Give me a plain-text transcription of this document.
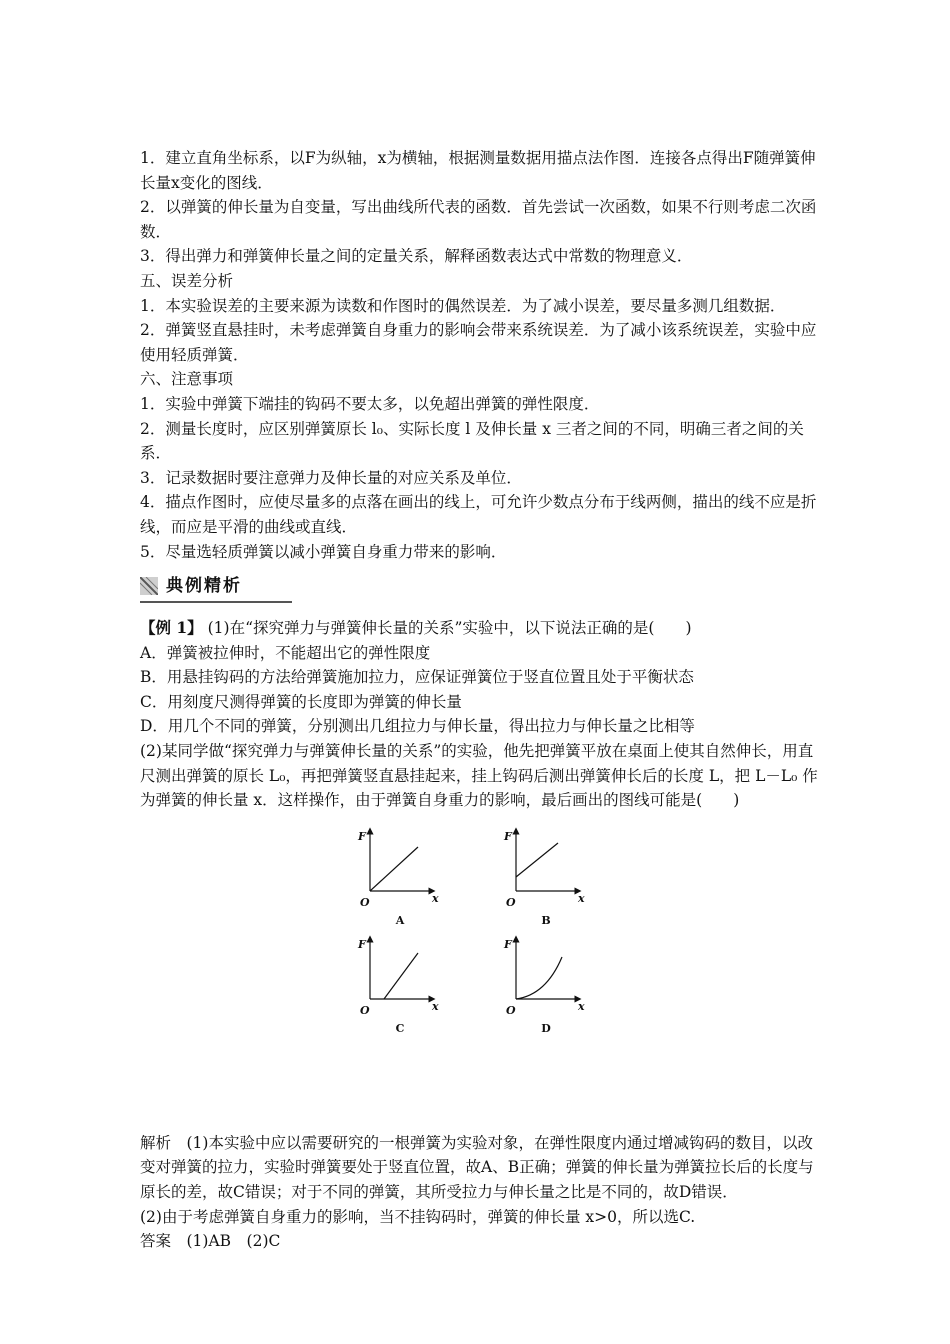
1．建立直角坐标系，以F为纵轴，x为横轴，根据测量数据用描点法作图．连接各点得出F随弹簧伸长量x变化的图线．

2．以弹簧的伸长量为自变量，写出曲线所代表的函数．首先尝试一次函数，如果不行则考虑二次函数．

3．得出弹力和弹簧伸长量之间的定量关系，解释函数表达式中常数的物理意义．

五、误差分析

1．本实验误差的主要来源为读数和作图时的偶然误差．为了减小误差，要尽量多测几组数据．

2．弹簧竖直悬挂时，未考虑弹簧自身重力的影响会带来系统误差．为了减小该系统误差，实验中应使用轻质弹簧．

六、注意事项

1．实验中弹簧下端挂的钩码不要太多，以免超出弹簧的弹性限度．

2．测量长度时，应区别弹簧原长 l₀、实际长度 l 及伸长量 x 三者之间的不同，明确三者之间的关系．

3．记录数据时要注意弹力及伸长量的对应关系及单位．

4．描点作图时，应使尽量多的点落在画出的线上，可允许少数点分布于线两侧，描出的线不应是折线，而应是平滑的曲线或直线．

5．尽量选轻质弹簧以减小弹簧自身重力带来的影响．

典例精析

【例 1】 (1)在“探究弹力与弹簧伸长量的关系”实验中，以下说法正确的是(　　)

A．弹簧被拉伸时，不能超出它的弹性限度

B．用悬挂钩码的方法给弹簧施加拉力，应保证弹簧位于竖直位置且处于平衡状态

C．用刻度尺测得弹簧的长度即为弹簧的伸长量

D．用几个不同的弹簧，分别测出几组拉力与伸长量，得出拉力与伸长量之比相等

(2)某同学做“探究弹力与弹簧伸长量的关系”的实验，他先把弹簧平放在桌面上使其自然伸长，用直尺测出弹簧的原长 L₀，再把弹簧竖直悬挂起来，挂上钩码后测出弹簧伸长后的长度 L，把 L－L₀ 作为弹簧的伸长量 x．这样操作，由于弹簧自身重力的影响，最后画出的图线可能是(　　)

F
x
O
A
F
x
O
B
F
x
O
C
F
x
O
D

解析　(1)本实验中应以需要研究的一根弹簧为实验对象，在弹性限度内通过增减钩码的数目，以改变对弹簧的拉力，实验时弹簧要处于竖直位置，故A、B正确；弹簧的伸长量为弹簧拉长后的长度与原长的差，故C错误；对于不同的弹簧，其所受拉力与伸长量之比是不同的，故D错误．

(2)由于考虑弹簧自身重力的影响，当不挂钩码时，弹簧的伸长量 x>0，所以选C.

答案　(1)AB　(2)C
